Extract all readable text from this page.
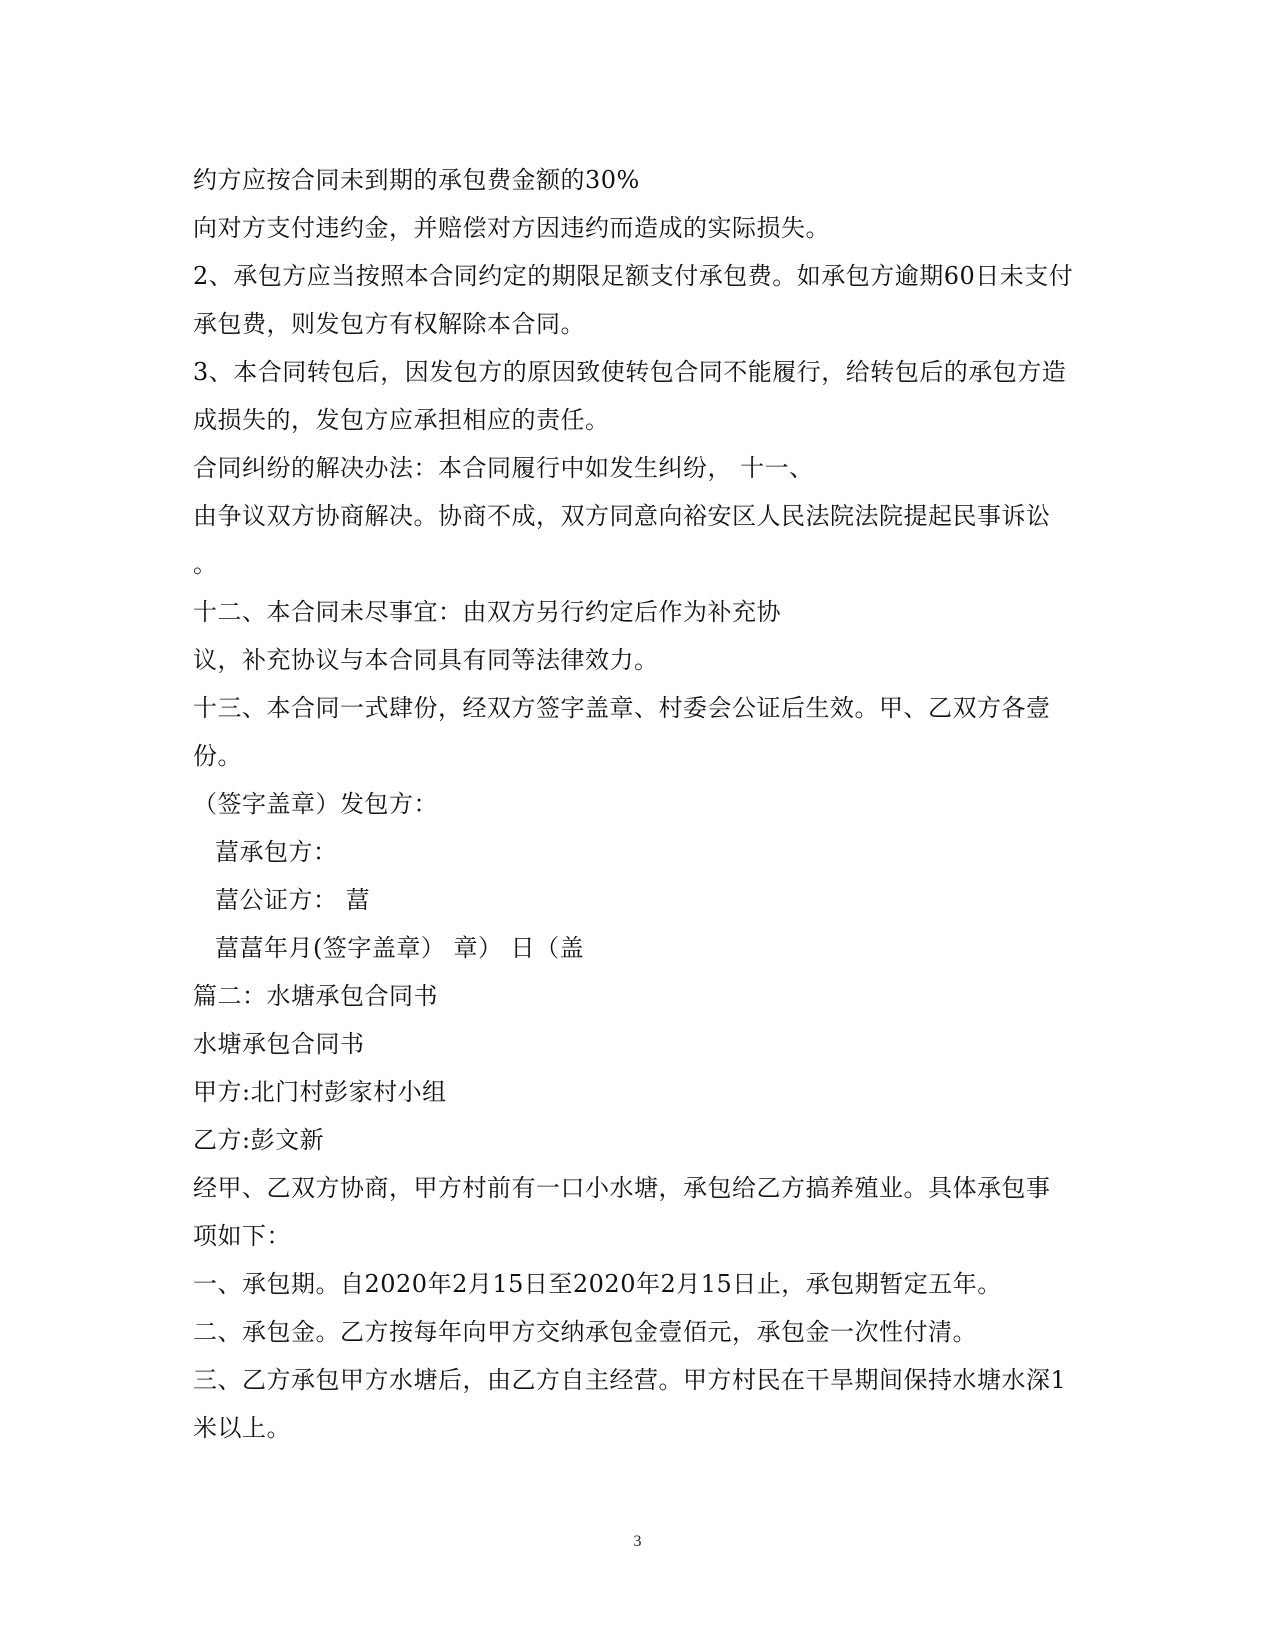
约方应按合同未到期的承包费金额的30%
向对方支付违约金，并赔偿对方因违约而造成的实际损失。
2、承包方应当按照本合同约定的期限足额支付承包费。如承包方逾期60日未支付
承包费，则发包方有权解除本合同。
3、本合同转包后，因发包方的原因致使转包合同不能履行，给转包后的承包方造
成损失的，发包方应承担相应的责任。
合同纠纷的解决办法：本合同履行中如发生纠纷， 十一、
由争议双方协商解决。协商不成，双方同意向裕安区人民法院法院提起民事诉讼
。
十二、本合同未尽事宜：由双方另行约定后作为补充协
议，补充协议与本合同具有同等法律效力。
十三、本合同一式肆份，经双方签字盖章、村委会公证后生效。甲、乙双方各壹
份。
（签字盖章）发包方：
葍承包方：
葍公证方： 葍
葍葍年月(签字盖章） 章） 日（盖
篇二：水塘承包合同书
水塘承包合同书
甲方:北门村彭家村小组
乙方:彭文新
经甲、乙双方协商，甲方村前有一口小水塘，承包给乙方搞养殖业。具体承包事
项如下：
一、承包期。自2020年2月15日至2020年2月15日止，承包期暂定五年。
二、承包金。乙方按每年向甲方交纳承包金壹佰元，承包金一次性付清。
三、乙方承包甲方水塘后，由乙方自主经营。甲方村民在干旱期间保持水塘水深1
米以上。
3
